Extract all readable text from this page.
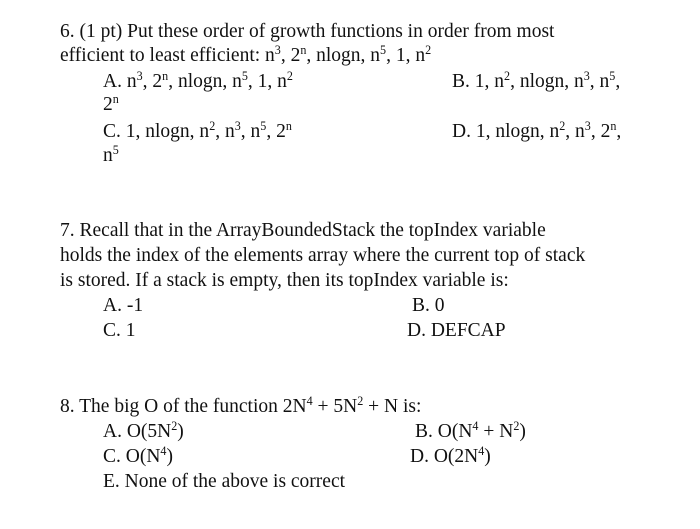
6. (1 pt) Put these order of growth functions in order from most
efficient to least efficient: $n^3$, 2$^n$, nlogn, $n^5$, 1, $n^2$
A. $n^3$, 2$^n$, nlogn, $n^5$, 1, $n^2$	B. 1, $n^2$, nlogn, $n^3$, $n^5$,
2$^n$
C. 1, nlogn, $n^2$, $n^3$, $n^5$, 2$^n$	D. 1, nlogn, $n^2$, $n^3$, 2$^n$,
$n^5$
7. Recall that in the ArrayBoundedStack the topIndex variable
holds the index of the elements array where the current top of stack
is stored. If a stack is empty, then its topIndex variable is:
A. -1	B. 0
C. 1	D. DEFCAP
8. The big O of the function $2N^4 + 5N^2 + N$ is:
A. $O(5N^2)$	B. $O(N^4 + N^2)$
C. $O(N^4)$	D. $O(2N^4)$
E. None of the above is correct
